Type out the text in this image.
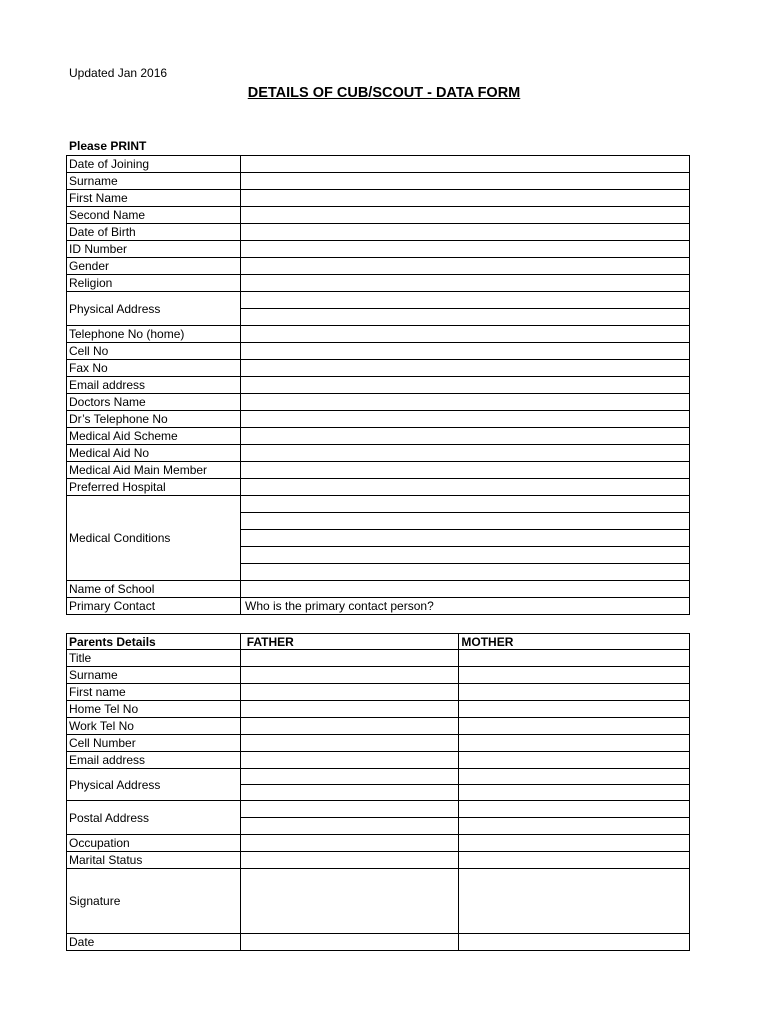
Updated Jan 2016
DETAILS OF CUB/SCOUT - DATA FORM
Please PRINT
Date of Joining
Surname
First Name
Second Name
Date of Birth
ID Number
Gender
Religion
Physical Address
Telephone No (home)
Cell No
Fax No
Email address
Doctors Name
Dr’s Telephone No
Medical Aid Scheme
Medical Aid No
Medical Aid Main Member
Preferred Hospital
Medical Conditions
Name of School
Primary Contact	Who is the primary contact person?
Parents Details	FATHER	MOTHER
Title
Surname
First name
Home Tel No
Work Tel No
Cell Number
Email address
Physical Address
Postal Address
Occupation
Marital Status
Signature
Date
